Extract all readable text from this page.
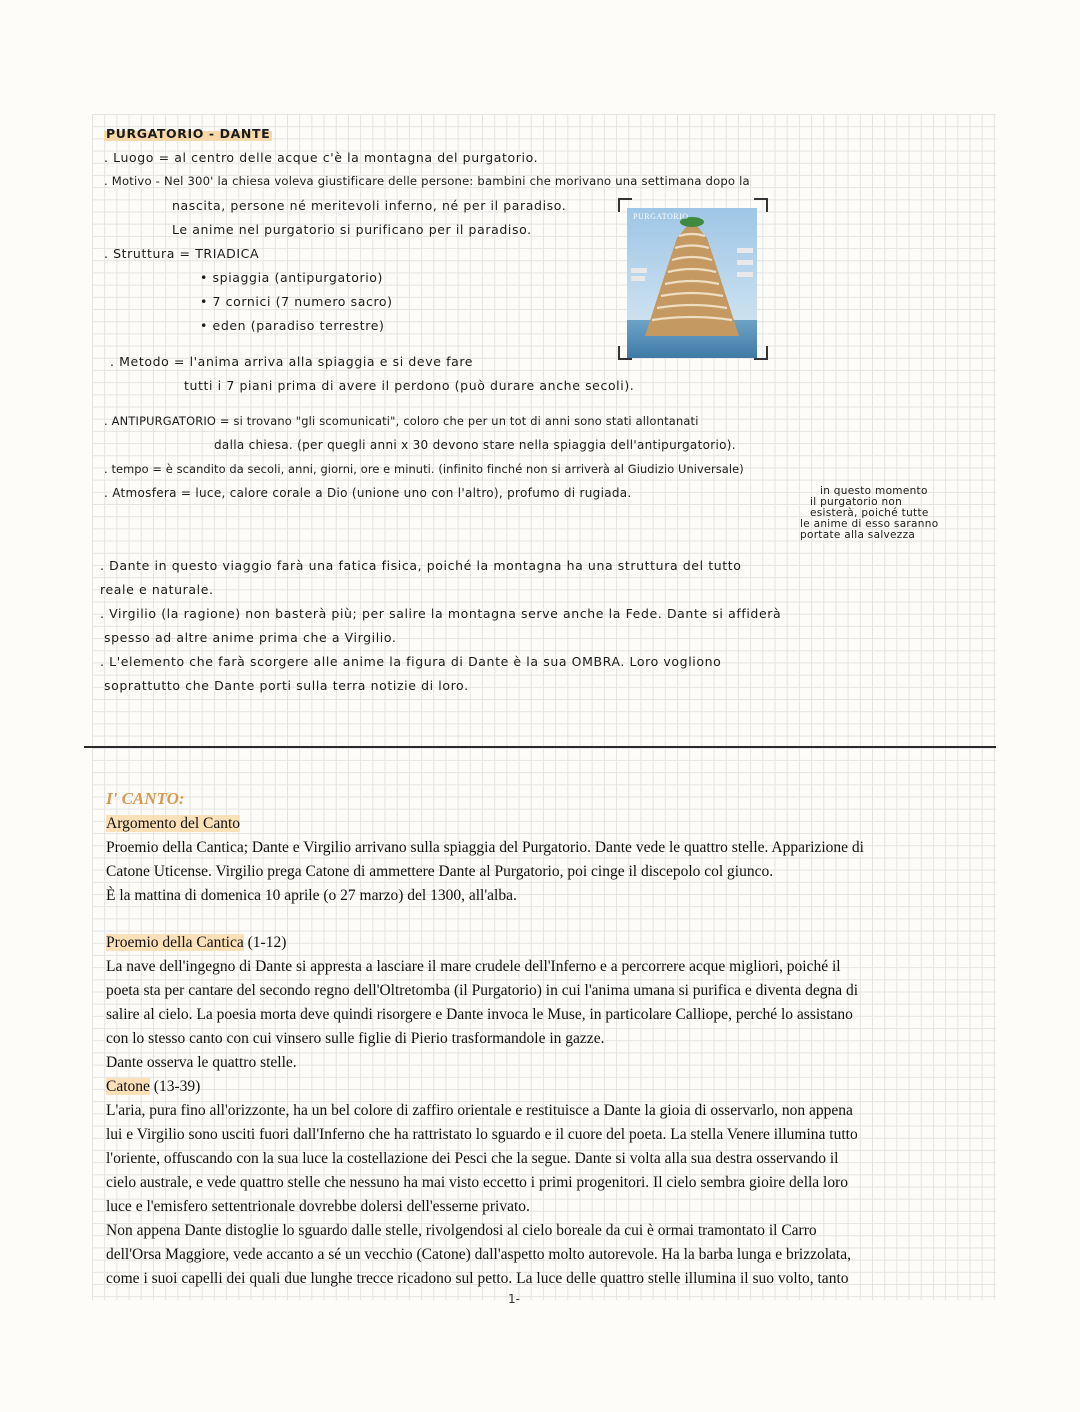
PURGATORIO - DANTE
. Luogo = al centro delle acque c'è la montagna del purgatorio.
. Motivo - Nel 300' la chiesa voleva giustificare delle persone: bambini che morivano una settimana dopo la
nascita, persone né meritevoli inferno, né per il paradiso.
Le anime nel purgatorio si purificano per il paradiso.
. Struttura = TRIADICA
• spiaggia (antipurgatorio)
• 7 cornici (7 numero sacro)
• eden (paradiso terrestre)
. Metodo = l'anima arriva alla spiaggia e si deve fare
tutti i 7 piani prima di avere il perdono (può durare anche secoli).
. ANTIPURGATORIO = si trovano "gli scomunicati", coloro che per un tot di anni sono stati allontanati
dalla chiesa. (per quegli anni x 30 devono stare nella spiaggia dell'antipurgatorio).
. tempo = è scandito da secoli, anni, giorni, ore e minuti. (infinito finché non si arriverà al Giudizio Universale)
. Atmosfera = luce, calore corale a Dio (unione uno con l'altro), profumo di rugiada.	in questo momento
il purgatorio non
esisterà, poiché tutte
le anime di esso saranno
portate alla salvezza
. Dante in questo viaggio farà una fatica fisica, poiché la montagna ha una struttura del tutto
reale e naturale.
. Virgilio (la ragione) non basterà più; per salire la montagna serve anche la Fede. Dante si affiderà
spesso ad altre anime prima che a Virgilio.
. L'elemento che farà scorgere alle anime la figura di Dante è la sua OMBRA. Loro vogliono
soprattutto che Dante porti sulla terra notizie di loro.
PURGATORIO
I' CANTO:
Argomento del Canto
Proemio della Cantica; Dante e Virgilio arrivano sulla spiaggia del Purgatorio. Dante vede le quattro stelle. Apparizione di
Catone Uticense. Virgilio prega Catone di ammettere Dante al Purgatorio, poi cinge il discepolo col giunco.
È la mattina di domenica 10 aprile (o 27 marzo) del 1300, all'alba.
Proemio della Cantica (1-12)
La nave dell'ingegno di Dante si appresta a lasciare il mare crudele dell'Inferno e a percorrere acque migliori, poiché il
poeta sta per cantare del secondo regno dell'Oltretomba (il Purgatorio) in cui l'anima umana si purifica e diventa degna di
salire al cielo. La poesia morta deve quindi risorgere e Dante invoca le Muse, in particolare Calliope, perché lo assistano
con lo stesso canto con cui vinsero sulle figlie di Pierio trasformandole in gazze.
Dante osserva le quattro stelle.
Catone (13-39)
L'aria, pura fino all'orizzonte, ha un bel colore di zaffiro orientale e restituisce a Dante la gioia di osservarlo, non appena
lui e Virgilio sono usciti fuori dall'Inferno che ha rattristato lo sguardo e il cuore del poeta. La stella Venere illumina tutto
l'oriente, offuscando con la sua luce la costellazione dei Pesci che la segue. Dante si volta alla sua destra osservando il
cielo australe, e vede quattro stelle che nessuno ha mai visto eccetto i primi progenitori. Il cielo sembra gioire della loro
luce e l'emisfero settentrionale dovrebbe dolersi dell'esserne privato.
Non appena Dante distoglie lo sguardo dalle stelle, rivolgendosi al cielo boreale da cui è ormai tramontato il Carro
dell'Orsa Maggiore, vede accanto a sé un vecchio (Catone) dall'aspetto molto autorevole. Ha la barba lunga e brizzolata,
come i suoi capelli dei quali due lunghe trecce ricadono sul petto. La luce delle quattro stelle illumina il suo volto, tanto
1-
